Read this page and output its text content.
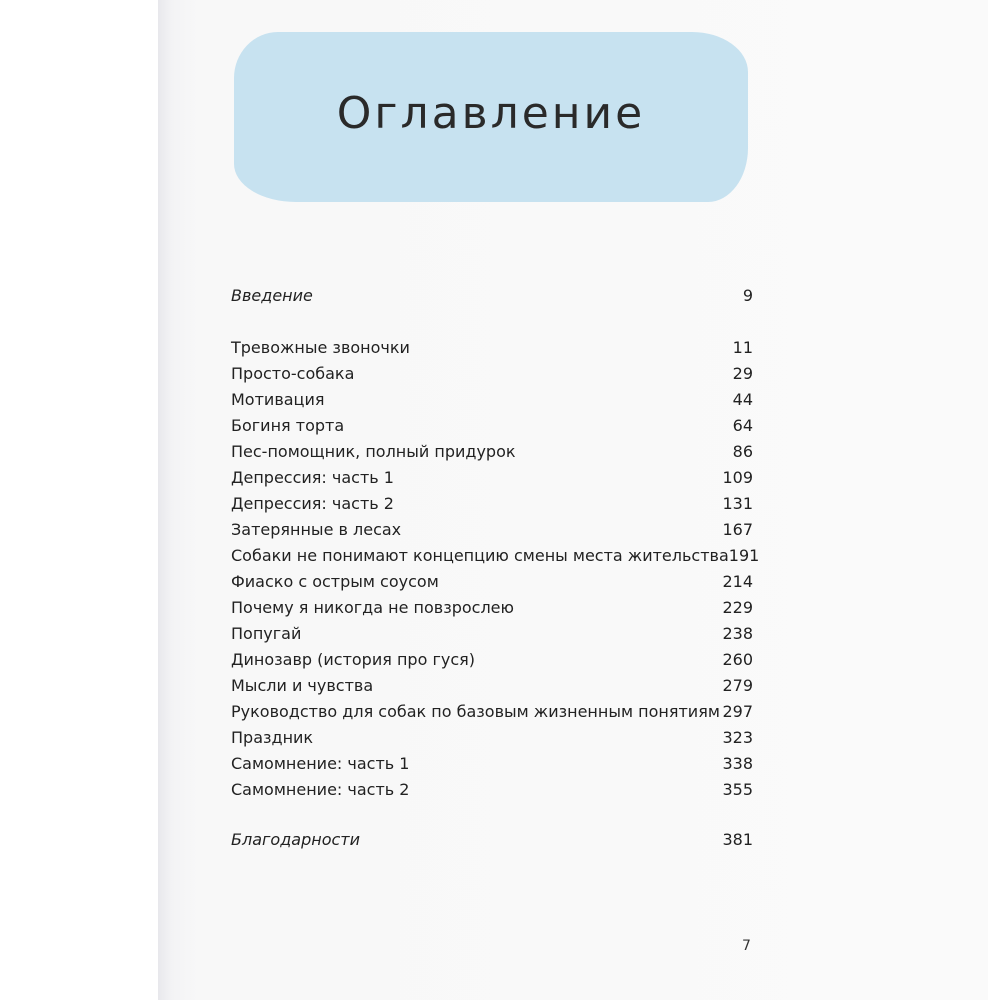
Оглавление
Введение	9
Тревожные звоночки	11
Просто-собака	29
Мотивация	44
Богиня торта	64
Пес-помощник, полный придурок	86
Депрессия: часть 1	109
Депрессия: часть 2	131
Затерянные в лесах	167
Собаки не понимают концепцию смены места жительства 191
Фиаско с острым соусом	214
Почему я никогда не повзрослею	229
Попугай	238
Динозавр (история про гуся)	260
Мысли и чувства	279
Руководство для собак по базовым жизненным понятиям 297
Праздник	323
Самомнение: часть 1	338
Самомнение: часть 2	355
Благодарности	381
7
